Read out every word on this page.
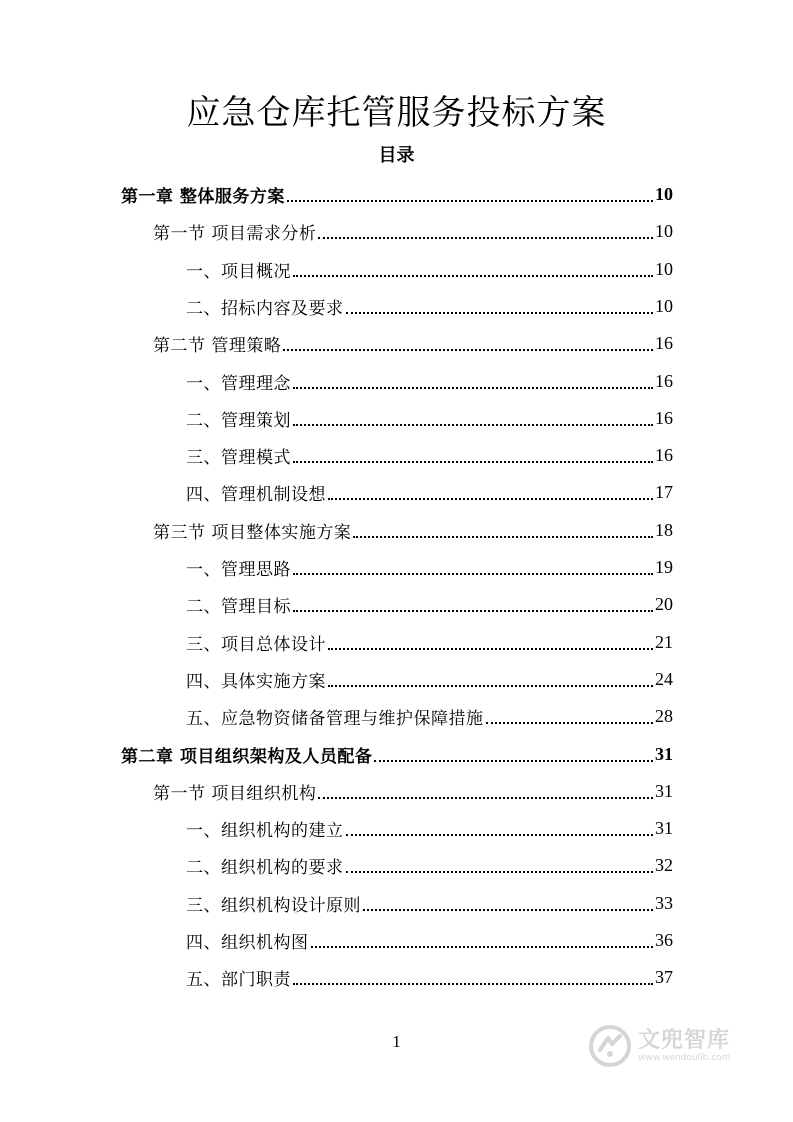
应急仓库托管服务投标方案
目录
第一章 整体服务方案	10
第一节 项目需求分析	10
一、项目概况	10
二、招标内容及要求	10
第二节 管理策略	16
一、管理理念	16
二、管理策划	16
三、管理模式	16
四、管理机制设想	17
第三节 项目整体实施方案	18
一、管理思路	19
二、管理目标	20
三、项目总体设计	21
四、具体实施方案	24
五、应急物资储备管理与维护保障措施	28
第二章 项目组织架构及人员配备	31
第一节 项目组织机构	31
一、组织机构的建立	31
二、组织机构的要求	32
三、组织机构设计原则	33
四、组织机构图	36
五、部门职责	37
1	文兜智库
www.wendoulib.com
